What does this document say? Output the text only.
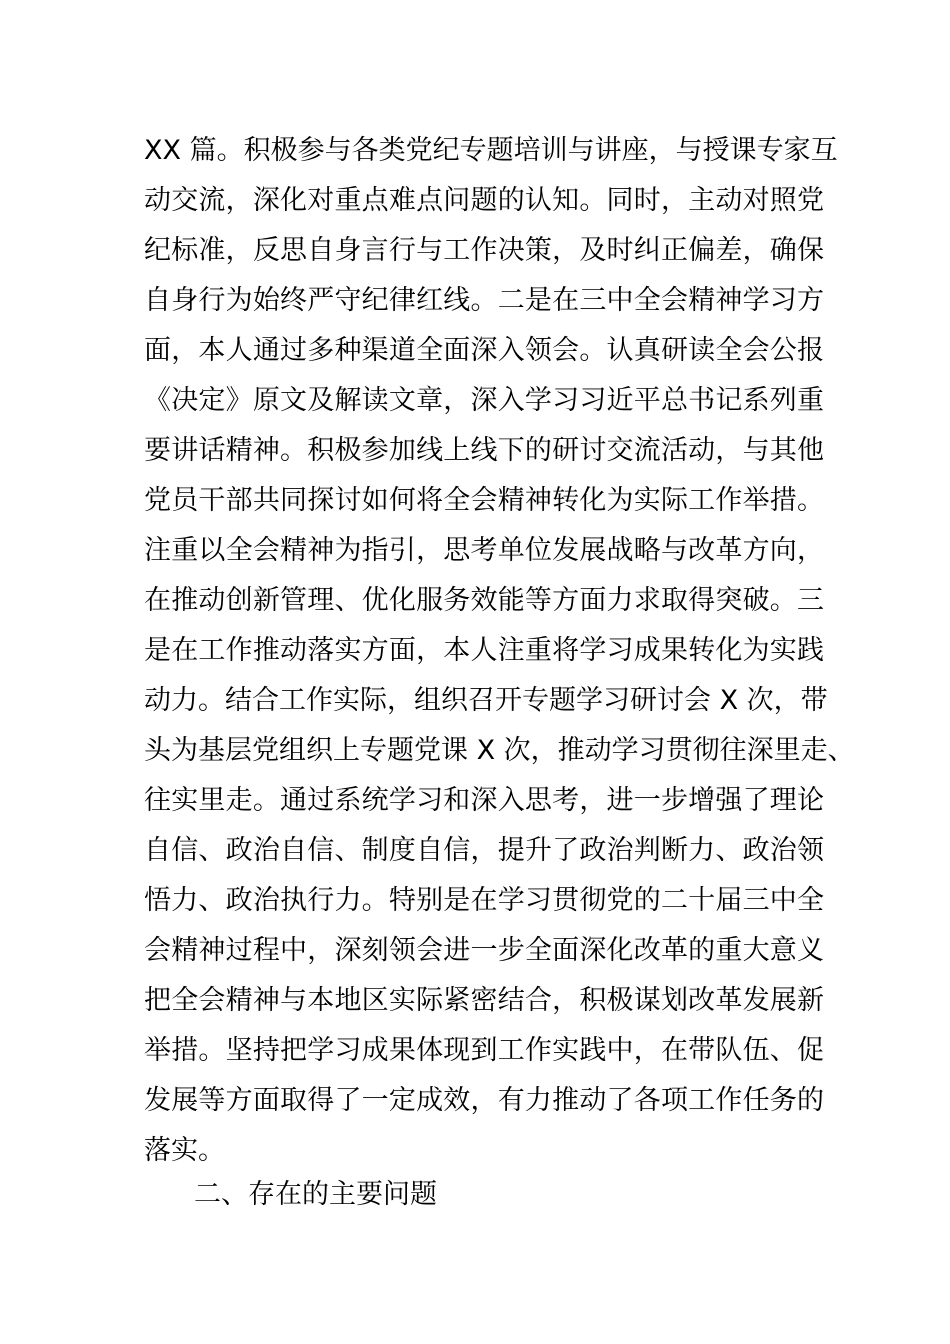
XX 篇。积极参与各类党纪专题培训与讲座，与授课专家互
动交流，深化对重点难点问题的认知。同时，主动对照党
纪标准，反思自身言行与工作决策，及时纠正偏差，确保
自身行为始终严守纪律红线。二是在三中全会精神学习方
面，本人通过多种渠道全面深入领会。认真研读全会公报
《决定》原文及解读文章，深入学习习近平总书记系列重
要讲话精神。积极参加线上线下的研讨交流活动，与其他
党员干部共同探讨如何将全会精神转化为实际工作举措。
注重以全会精神为指引，思考单位发展战略与改革方向，
在推动创新管理、优化服务效能等方面力求取得突破。三
是在工作推动落实方面，本人注重将学习成果转化为实践
动力。结合工作实际，组织召开专题学习研讨会 X 次，带
头为基层党组织上专题党课 X 次，推动学习贯彻往深里走、
往实里走。通过系统学习和深入思考，进一步增强了理论
自信、政治自信、制度自信，提升了政治判断力、政治领
悟力、政治执行力。特别是在学习贯彻党的二十届三中全
会精神过程中，深刻领会进一步全面深化改革的重大意义
把全会精神与本地区实际紧密结合，积极谋划改革发展新
举措。坚持把学习成果体现到工作实践中，在带队伍、促
发展等方面取得了一定成效，有力推动了各项工作任务的
落实。
二、存在的主要问题
